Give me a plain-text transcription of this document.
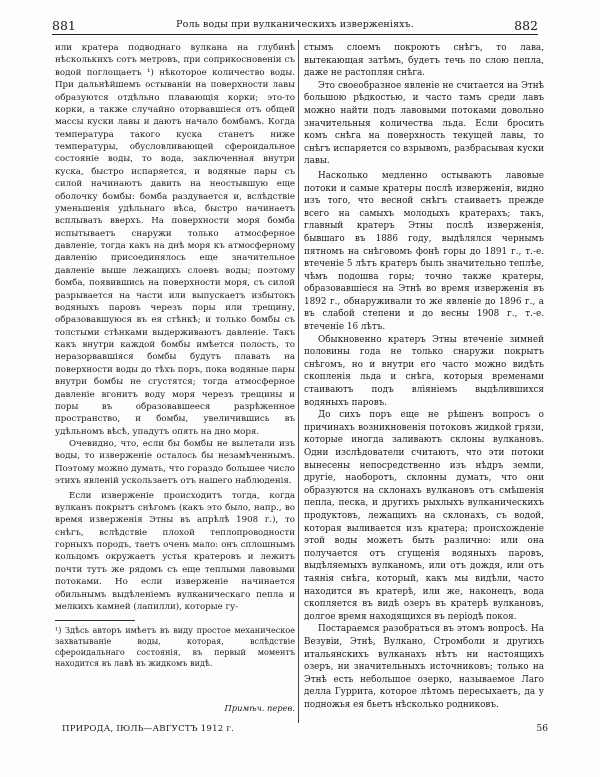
881	Роль воды при вулканическихъ изверженіяхъ.	882

или кратера подводнаго вулкана на глубинѣ нѣсколькихъ сотъ метровъ, при соприкосновеніи съ водой поглощаетъ ¹) нѣкоторое количество воды. При дальнѣйшемъ остываніи на поверхности лавы образуются отдѣльно плавающія корки; это-то корки, а также случайно оторвавшіеся отъ общей массы куски лавы и даютъ начало бомбамъ. Когда температура такого куска станетъ ниже температуры, обусловливающей сфероидальное состояніе воды, то вода, заключенная внутри куска, быстро испаряется, и водяные пары съ силой начинаютъ давить на неостывшую еще оболочку бомбы: бомба раздувается и, вслѣдствіе уменьшенія удѣльнаго вѣса, быстро начинаетъ всплывать вверхъ. На поверхности моря бомба испытываетъ снаружи только атмосферное давленіе, тогда какъ на днѣ моря къ атмосферному давленію присоединялось еще значительное давленіе выше лежащихъ слоевъ воды; поэтому бомба, появившись на поверхности моря, съ силой разрывается на части или выпускаетъ избытокъ водяныхъ паровъ черезъ поры или трещину, образовавшуюся въ ея стѣнкѣ; и только бомбы съ толстыми стѣнками выдерживаютъ давленіе. Такъ какъ внутри каждой бомбы имѣется полость, то неразорвавшіяся бомбы будутъ плавать на поверхности воды до тѣхъ поръ, пока водяные пары внутри бомбы не сгустятся; тогда атмосферное давленіе вгонитъ воду моря черезъ трещины и поры въ образовавшееся разрѣженное пространство, и бомбы, увеличившись въ удѣльномъ вѣсѣ, упадутъ опять на дно моря.

Очевидно, что, если бы бомбы не вылетали изъ воды, то изверженіе осталось бы незамѣченнымъ. Поэтому можно думать, что гораздо большее число этихъ явленій ускользаетъ отъ нашего наблюденія.

Если изверженіе происходитъ тогда, когда вулканъ покрытъ снѣгомъ (какъ это было, напр., во время изверженія Этны въ апрѣлѣ 1908 г.), то снѣгъ, вслѣдствіе плохой теплопроводности горныхъ породъ, таетъ очень мало: онъ сплошнымъ кольцомъ окружаетъ устья кратеровъ и лежитъ почти тутъ же рядомъ съ еще теплыми лавовыми потоками. Но если изверженіе начинается обильнымъ выдѣленіемъ вулканическаго пепла и мелкихъ камней (лапилли), которые гу-

стымъ слоемъ покроютъ снѣгъ, то лава, вытекающая затѣмъ, будетъ течь по слою пепла, даже не растопляя снѣга.

Это своеобразное явленіе не считается на Этнѣ большою рѣдкостью, и часто тамъ среди лавъ можно найти подъ лавовыми потоками довольно значительныя количества льда. Если бросить комъ снѣга на поверхность текущей лавы, то снѣгъ испаряется со взрывомъ, разбрасывая куски лавы.

Насколько медленно остываютъ лавовые потоки и самые кратеры послѣ изверженія, видно изъ того, что весной снѣгъ стаиваетъ прежде всего на самыхъ молодыхъ кратерахъ; такъ, главный кратеръ Этны послѣ изверженія, бывшаго въ 1886 году, выдѣлялся чернымъ пятномъ на снѣговомъ фонѣ горы до 1891 г., т.-е. втеченіе 5 лѣтъ кратеръ былъ значительно теплѣе, чѣмъ подошва горы; точно также кратеры, образовавшіеся на Этнѣ во время изверженія въ 1892 г., обнаруживали то же явленіе до 1896 г., а въ слабой степени и до весны 1908 г., т.-е. втеченіе 16 лѣтъ.

Обыкновенно кратеръ Этны втеченіе зимней половины года не только снаружи покрытъ снѣгомъ, но и внутри его часто можно видѣть скопленія льда и снѣга, которыя временами стаиваютъ подъ вліяніемъ выдѣлившихся водяныхъ паровъ.

До сихъ поръ еще не рѣшенъ вопросъ о причинахъ возникновенія потоковъ жидкой грязи, которые иногда заливаютъ склоны вулкановъ. Одни изслѣдователи считаютъ, что эти потоки вынесены непосредственно изъ нѣдръ земли, другіе, наоборотъ, склонны думать, что они образуются на склонахъ вулкановъ отъ смѣшенія пепла, песка, и другихъ рыхлыхъ вулканическихъ продуктовъ, лежащихъ на склонахъ, съ водой, которая выливается изъ кратера; происхожденіе этой воды можетъ быть различно: или она получается отъ сгущенія водяныхъ паровъ, выдѣляемыхъ вулканомъ, или отъ дождя, или отъ таянія снѣга, который, какъ мы видѣли, часто находится въ кратерѣ, или же, наконецъ, вода скопляется въ видѣ озеръ въ кратерѣ вулкановъ, долгое время находящихся въ періодѣ покоя.

Постараемся разобраться въ этомъ вопросѣ. На Везувіи, Этнѣ, Вулкано, Стромболи и другихъ итальянскихъ вулканахъ нѣтъ ни настоящихъ озеръ, ни значительныхъ источниковъ; только на Этнѣ есть небольшое озерко, называемое Лаго делла Гуррита, которое лѣтомъ пересыхаетъ, да у подножья ея бьетъ нѣсколько родниковъ.

¹) Здѣсь авторъ имѣетъ въ виду простое механическое захватываніе воды, которая, вслѣдствіе сфероидальнаго состоянія, въ первый моментъ находится въ лавѣ въ жидкомъ видѣ.
Примѣч. перев.
ПРИРОДА, ІЮЛЬ—АВГУСТЪ 1912 г.	56
